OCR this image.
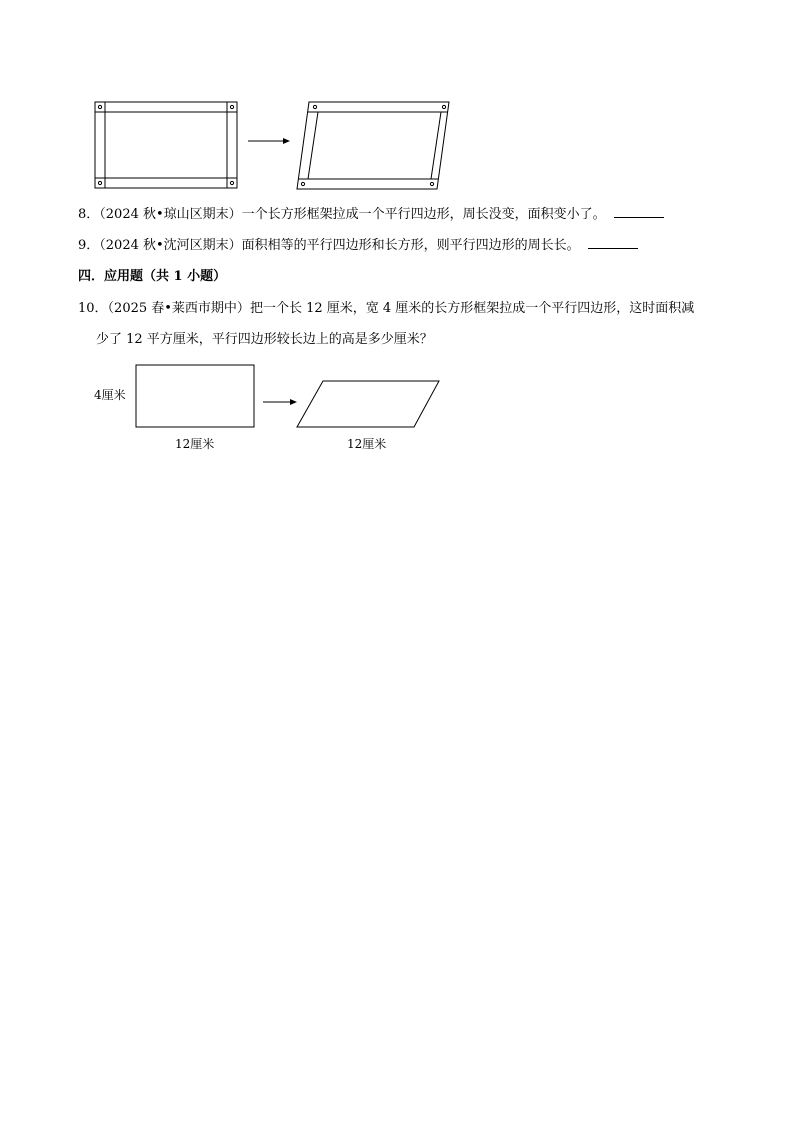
8．（2024 秋•琼山区期末）一个长方形框架拉成一个平行四边形，周长没变，面积变小了。
9．（2024 秋•沈河区期末）面积相等的平行四边形和长方形，则平行四边形的周长长。
四．应用题（共 1 小题）
10．（2025 春•莱西市期中）把一个长 12 厘米，宽 4 厘米的长方形框架拉成一个平行四边形，这时面积减
少了 12 平方厘米，平行四边形较长边上的高是多少厘米？
4厘米
12厘米	12厘米
